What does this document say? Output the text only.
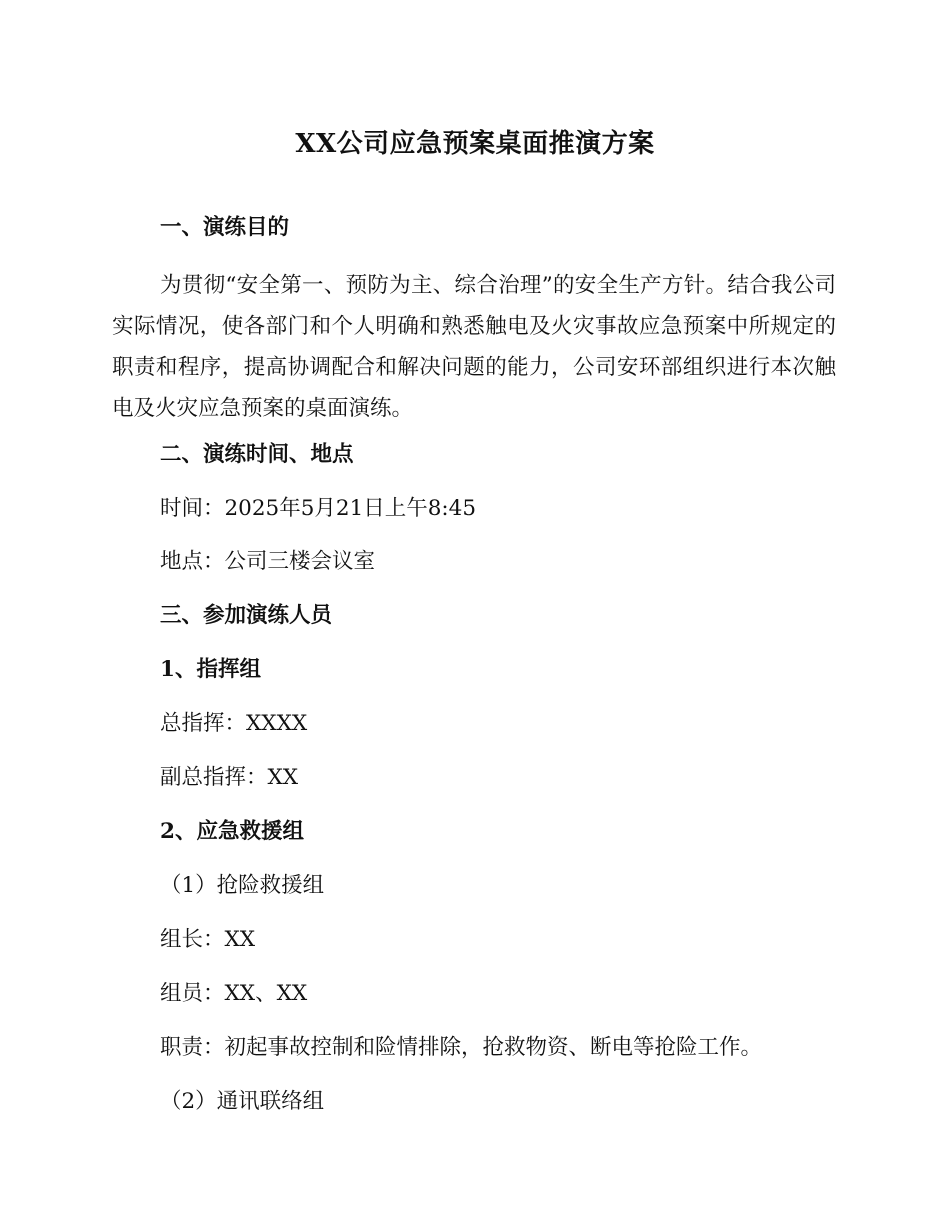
XX公司应急预案桌面推演方案

一、演练目的

为贯彻“安全第一、预防为主、综合治理”的安全生产方针。结合我公司实际情况，使各部门和个人明确和熟悉触电及火灾事故应急预案中所规定的职责和程序，提高协调配合和解决问题的能力，公司安环部组织进行本次触电及火灾应急预案的桌面演练。

二、演练时间、地点

时间：2025年5月21日上午8:45

地点：公司三楼会议室

三、参加演练人员

1、指挥组

总指挥：XXXX

副总指挥：XX

2、应急救援组

（1）抢险救援组

组长：XX

组员：XX、XX

职责：初起事故控制和险情排除，抢救物资、断电等抢险工作。

（2）通讯联络组
